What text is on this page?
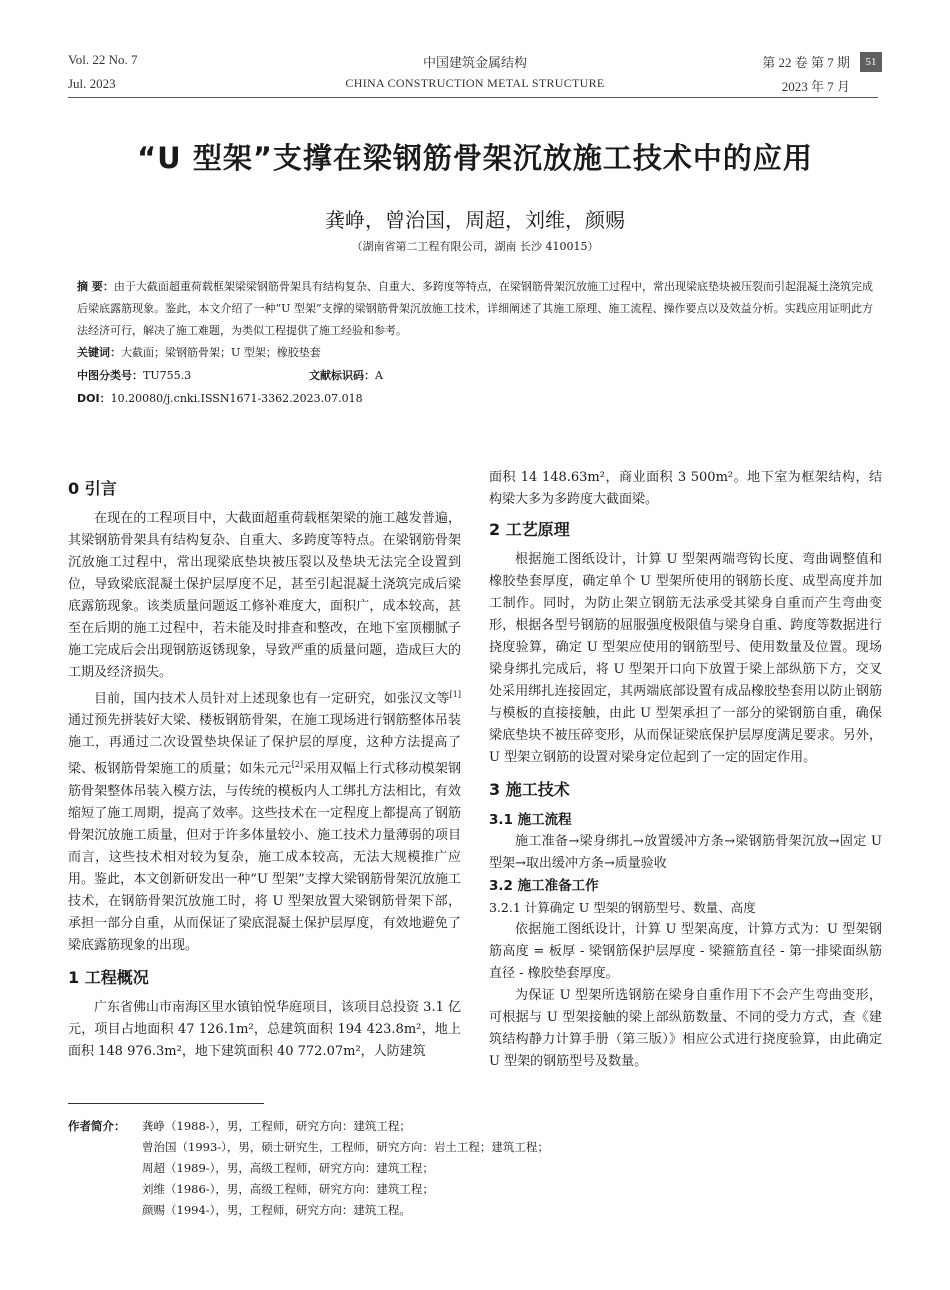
Vol. 22 No. 7
Jul. 2023
中国建筑金属结构
CHINA CONSTRUCTION METAL STRUCTURE
第 22 卷 第 7 期
2023 年 7 月
51
“U 型架”支撑在梁钢筋骨架沉放施工技术中的应用
龚峥，曾治国，周超，刘维，颜赐
（湖南省第二工程有限公司，湖南 长沙 410015）
摘 要：由于大截面超重荷载框架梁梁钢筋骨架具有结构复杂、自重大、多跨度等特点，在梁钢筋骨架沉放施工过程中，常出现梁底垫块被压裂而引起混凝土浇筑完成后梁底露筋现象。鉴此，本文介绍了一种“U 型架”支撑的梁钢筋骨架沉放施工技术，详细阐述了其施工原理、施工流程、操作要点以及效益分析。实践应用证明此方法经济可行，解决了施工难题，为类似工程提供了施工经验和参考。
关键词：大截面；梁钢筋骨架；U 型架；橡胶垫套
中图分类号：TU755.3	文献标识码：A
DOI：10.20080/j.cnki.ISSN1671-3362.2023.07.018
0 引言

在现在的工程项目中，大截面超重荷载框架梁的施工越发普遍，其梁钢筋骨架具有结构复杂、自重大、多跨度等特点。在梁钢筋骨架沉放施工过程中，常出现梁底垫块被压裂以及垫块无法完全设置到位，导致梁底混凝土保护层厚度不足，甚至引起混凝土浇筑完成后梁底露筋现象。该类质量问题返工修补难度大，面积广，成本较高，甚至在后期的施工过程中，若未能及时排查和整改，在地下室顶棚腻子施工完成后会出现钢筋返锈现象，导致严重的质量问题，造成巨大的工期及经济损失。

目前，国内技术人员针对上述现象也有一定研究，如张汉文等[1]通过预先拼装好大梁、楼板钢筋骨架，在施工现场进行钢筋整体吊装施工，再通过二次设置垫块保证了保护层的厚度，这种方法提高了梁、板钢筋骨架施工的质量；如朱元元[2]采用双幅上行式移动模架钢筋骨架整体吊装入模方法，与传统的模板内人工绑扎方法相比，有效缩短了施工周期，提高了效率。这些技术在一定程度上都提高了钢筋骨架沉放施工质量，但对于许多体量较小、施工技术力量薄弱的项目而言，这些技术相对较为复杂，施工成本较高，无法大规模推广应用。鉴此，本文创新研发出一种“U 型架”支撑大梁钢筋骨架沉放施工技术，在钢筋骨架沉放施工时，将 U 型架放置大梁钢筋骨架下部，承担一部分自重，从而保证了梁底混凝土保护层厚度，有效地避免了梁底露筋现象的出现。

1 工程概况

广东省佛山市南海区里水镇铂悦华庭项目，该项目总投资 3.1 亿元，项目占地面积 47 126.1m²，总建筑面积 194 423.8m²，地上面积 148 976.3m²，地下建筑面积 40 772.07m²，人防建筑

面积 14 148.63m²，商业面积 3 500m²。地下室为框架结构，结构梁大多为多跨度大截面梁。

2 工艺原理

根据施工图纸设计，计算 U 型架两端弯钩长度、弯曲调整值和橡胶垫套厚度，确定单个 U 型架所使用的钢筋长度、成型高度并加工制作。同时，为防止架立钢筋无法承受其梁身自重而产生弯曲变形，根据各型号钢筋的屈服强度极限值与梁身自重、跨度等数据进行挠度验算，确定 U 型架应使用的钢筋型号、使用数量及位置。现场梁身绑扎完成后，将 U 型架开口向下放置于梁上部纵筋下方，交叉处采用绑扎连接固定，其两端底部设置有成品橡胶垫套用以防止钢筋与模板的直接接触，由此 U 型架承担了一部分的梁钢筋自重，确保梁底垫块不被压碎变形，从而保证梁底保护层厚度满足要求。另外，U 型架立钢筋的设置对梁身定位起到了一定的固定作用。

3 施工技术
3.1 施工流程

施工准备→梁身绑扎→放置缓冲方条→梁钢筋骨架沉放→固定 U 型架→取出缓冲方条→质量验收

3.2 施工准备工作
3.2.1 计算确定 U 型架的钢筋型号、数量、高度

依据施工图纸设计，计算 U 型架高度，计算方式为：U 型架钢筋高度 = 板厚 - 梁钢筋保护层厚度 - 梁箍筋直径 - 第一排梁面纵筋直径 - 橡胶垫套厚度。

为保证 U 型架所选钢筋在梁身自重作用下不会产生弯曲变形，可根据与 U 型架接触的梁上部纵筋数量、不同的受力方式，查《建筑结构静力计算手册（第三版）》相应公式进行挠度验算，由此确定 U 型架的钢筋型号及数量。

作者简介： 龚峥（1988-），男，工程师，研究方向：建筑工程；
曾治国（1993-），男，硕士研究生，工程师，研究方向：岩土工程；建筑工程；
周超（1989-），男，高级工程师，研究方向：建筑工程；
刘维（1986-），男，高级工程师，研究方向：建筑工程；
颜赐（1994-），男，工程师，研究方向：建筑工程。
